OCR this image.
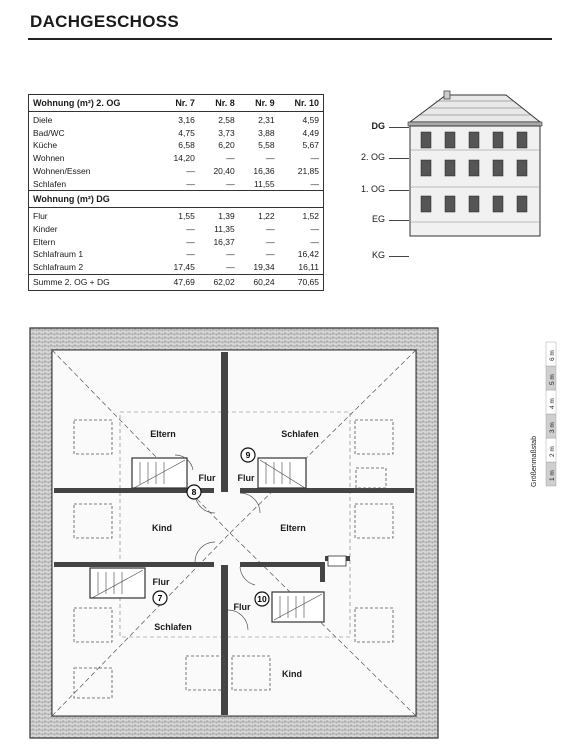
DACHGESCHOSS
Wohnung (m²) 2. OG	Nr. 7	Nr. 8	Nr. 9	Nr. 10
Diele	3,16	2,58	2,31	4,59
Bad/WC	4,75	3,73	3,88	4,49
Küche	6,58	6,20	5,58	5,67
Wohnen	14,20	—	—	—
Wohnen/Essen	—	20,40	16,36	21,85
Schlafen	—	—	11,55	—
Wohnung (m²) DG				
Flur	1,55	1,39	1,22	1,52
Kinder	—	11,35	—	—
Eltern	—	16,37	—	—
Schlafraum 1	—	—	—	16,42
Schlafraum 2	17,45	—	19,34	16,11
Summe 2. OG + DG	47,69	62,02	60,24	70,65
DG
2. OG
1. OG
EG
KG
Eltern	Schlafen
Flur Flur
Kind	Eltern
Flur
Flur
Schlafen
Kind
9
8
7	10
Größenmaßstab 1 m
2 m
3 m
4 m
5 m
6 m
